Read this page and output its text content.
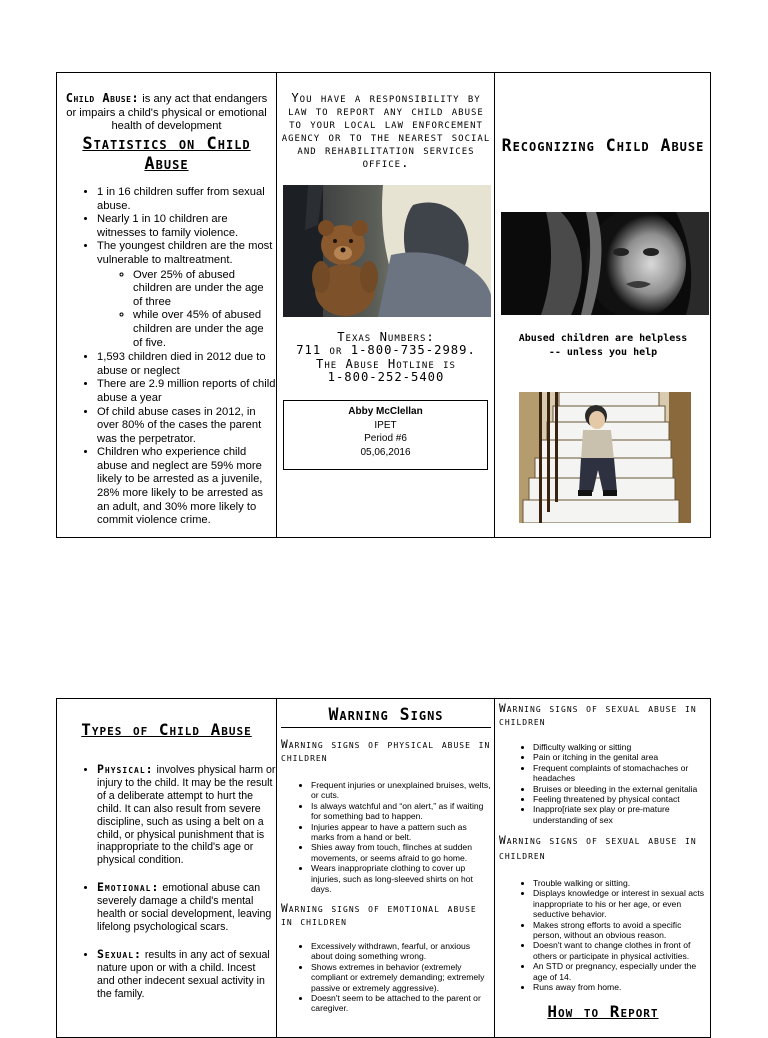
Child Abuse: is any act that endangers or impairs a child's physical or emotional health of development
Statistics on Child Abuse
• 1 in 16 children suffer from sexual abuse.
• Nearly 1 in 10 children are witnesses to family violence.
• The youngest children are the most vulnerable to maltreatment.
◦ Over 25% of abused children are under the age of three
◦ while over 45% of abused children are under the age of five.
• 1,593 children died in 2012 due to abuse or neglect
• There are 2.9 million reports of child abuse a year
• Of child abuse cases in 2012, in over 80% of the cases the parent was the perpetrator.
• Children who experience child abuse and neglect are 59% more likely to be arrested as a juvenile, 28% more likely to be arrested as an adult, and 30% more likely to commit violence crime.
You have a responsibility by law to report any child abuse to your local law enforcement agency or to the nearest social and rehabilitation services office.
Texas Numbers:
711 or 1-800-735-2989.
The Abuse Hotline is
1-800-252-5400
Abby McClellan
IPET
Period #6
05,06,2016
Recognizing Child Abuse
Abused children are helpless
-- unless you help
Types of Child Abuse
• Physical: involves physical harm or injury to the child. It may be the result of a deliberate attempt to hurt the child. It can also result from severe discipline, such as using a belt on a child, or physical punishment that is inappropriate to the child's age or physical condition.
• Emotional: emotional abuse can severely damage a child's mental health or social development, leaving lifelong psychological scars.
• Sexual: results in any act of sexual nature upon or with a child. Incest and other indecent sexual activity in the family.
Warning Signs
Warning signs of physical abuse in children
• Frequent injuries or unexplained bruises, welts, or cuts.
• Is always watchful and “on alert,” as if waiting for something bad to happen.
• Injuries appear to have a pattern such as marks from a hand or belt.
• Shies away from touch, flinches at sudden movements, or seems afraid to go home.
• Wears inappropriate clothing to cover up injuries, such as long-sleeved shirts on hot days.
Warning signs of emotional abuse in children
• Excessively withdrawn, fearful, or anxious about doing something wrong.
• Shows extremes in behavior (extremely compliant or extremely demanding; extremely passive or extremely aggressive).
• Doesn't seem to be attached to the parent or caregiver.
Warning signs of sexual abuse in children
• Difficulty walking or sitting
• Pain or itching in the genital area
• Frequent complaints of stomachaches or headaches
• Bruises or bleeding in the external genitalia
• Feeling threatened by physical contact
• Inappro[riate sex play or pre-mature understanding of sex
Warning signs of sexual abuse in children
• Trouble walking or sitting.
• Displays knowledge or interest in sexual acts inappropriate to his or her age, or even seductive behavior.
• Makes strong efforts to avoid a specific person, without an obvious reason.
• Doesn't want to change clothes in front of others or participate in physical activities.
• An STD or pregnancy, especially under the age of 14.
• Runs away from home.
How to Report
